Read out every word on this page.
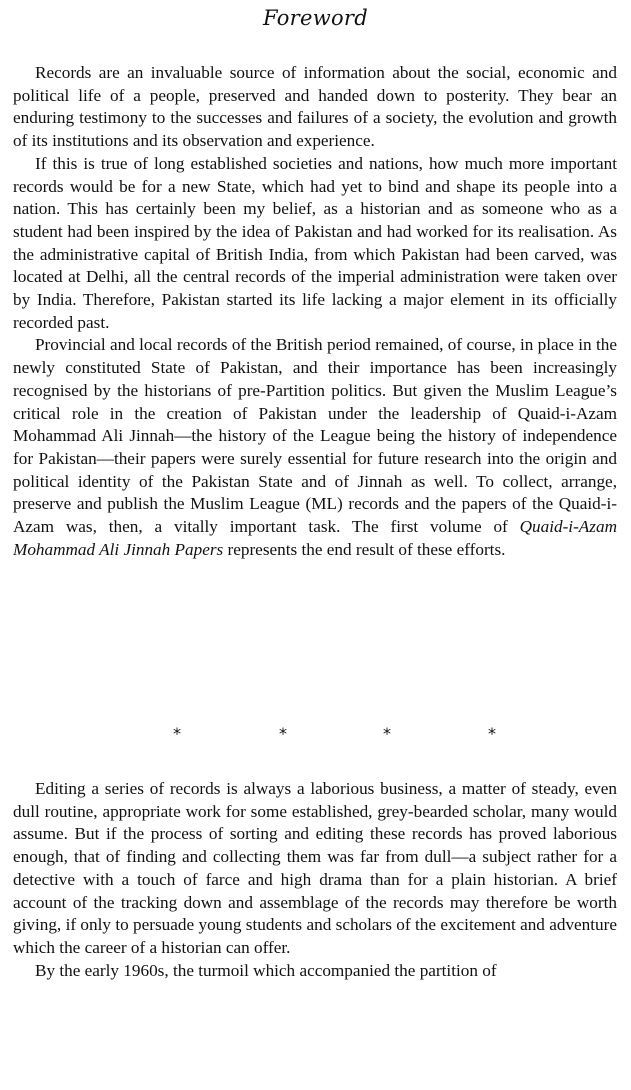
Foreword

Records are an invaluable source of information about the social, economic and political life of a people, preserved and handed down to posterity. They bear an enduring testimony to the successes and failures of a society, the evolution and growth of its institutions and its observation and experience.

If this is true of long established societies and nations, how much more important records would be for a new State, which had yet to bind and shape its people into a nation. This has certainly been my belief, as a historian and as someone who as a student had been inspired by the idea of Pakistan and had worked for its realisation. As the administrative capital of British India, from which Pakistan had been carved, was located at Delhi, all the central records of the imperial administration were taken over by India. Therefore, Pakistan started its life lacking a major element in its officially recorded past.

Provincial and local records of the British period remained, of course, in place in the newly constituted State of Pakistan, and their importance has been increasingly recognised by the historians of pre-Partition politics. But given the Muslim League’s critical role in the creation of Pakistan under the leadership of Quaid-i-Azam Mohammad Ali Jinnah—the history of the League being the history of independence for Pakistan—their papers were surely essential for future research into the origin and political identity of the Pakistan State and of Jinnah as well. To collect, arrange, preserve and publish the Muslim League (ML) records and the papers of the Quaid-i-Azam was, then, a vitally important task. The first volume of Quaid-i-Azam Mohammad Ali Jinnah Papers represents the end result of these efforts.

*	*	*	*

Editing a series of records is always a laborious business, a matter of steady, even dull routine, appropriate work for some established, grey-bearded scholar, many would assume. But if the process of sorting and editing these records has proved laborious enough, that of finding and collecting them was far from dull—a subject rather for a detective with a touch of farce and high drama than for a plain historian. A brief account of the tracking down and assemblage of the records may therefore be worth giving, if only to persuade young students and scholars of the excitement and adventure which the career of a historian can offer.

By the early 1960s, the turmoil which accompanied the partition of
